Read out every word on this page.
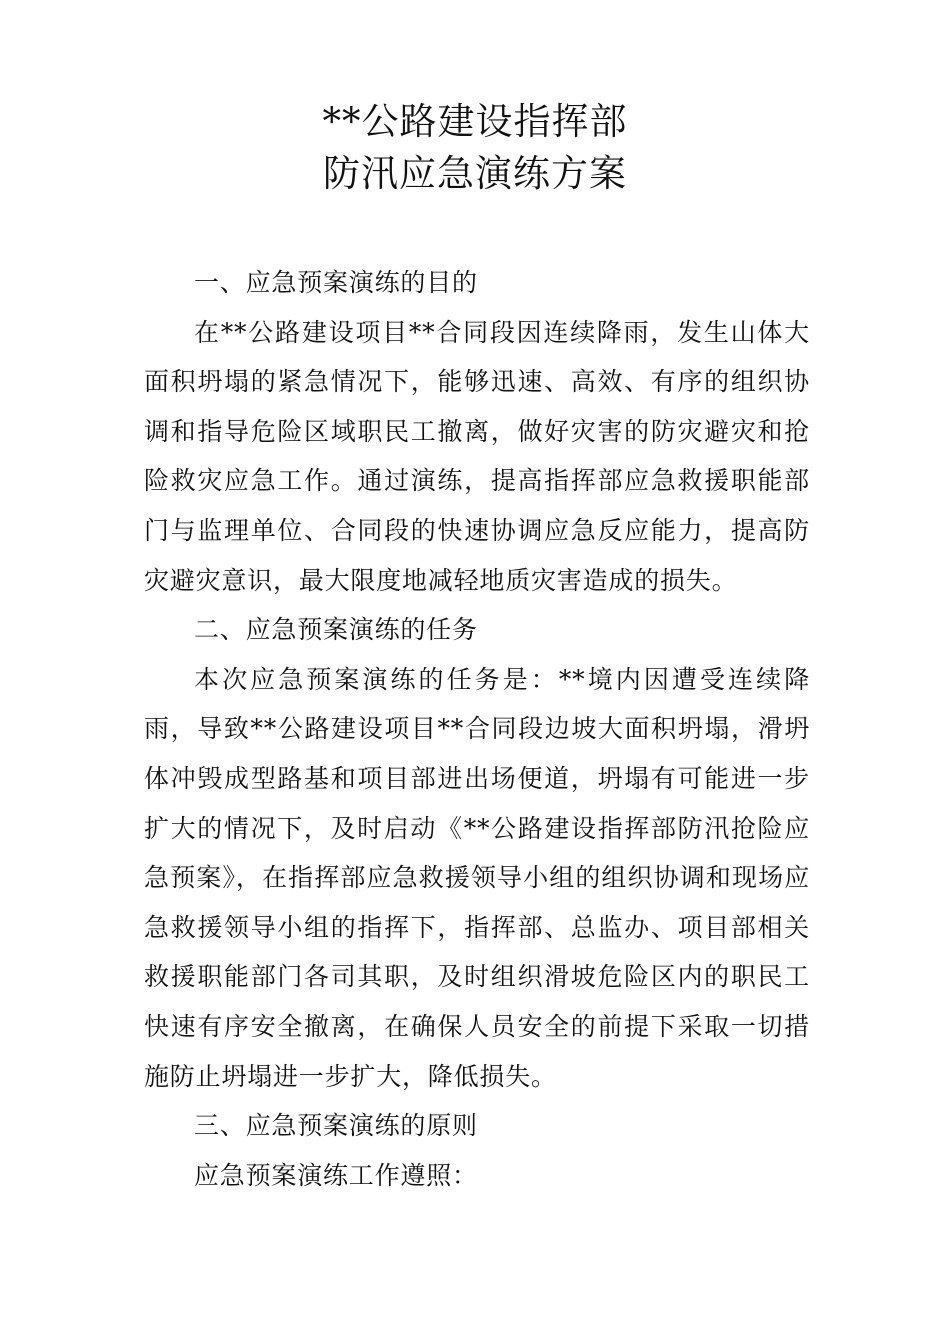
**公路建设指挥部
防汛应急演练方案

一、应急预案演练的目的

在**公路建设项目**合同段因连续降雨，发生山体大面积坍塌的紧急情况下，能够迅速、高效、有序的组织协调和指导危险区域职民工撤离，做好灾害的防灾避灾和抢险救灾应急工作。通过演练，提高指挥部应急救援职能部门与监理单位、合同段的快速协调应急反应能力，提高防灾避灾意识，最大限度地减轻地质灾害造成的损失。

二、应急预案演练的任务

本次应急预案演练的任务是：**境内因遭受连续降雨，导致**公路建设项目**合同段边坡大面积坍塌，滑坍体冲毁成型路基和项目部进出场便道，坍塌有可能进一步扩大的情况下，及时启动《**公路建设指挥部防汛抢险应急预案》，在指挥部应急救援领导小组的组织协调和现场应急救援领导小组的指挥下，指挥部、总监办、项目部相关救援职能部门各司其职，及时组织滑坡危险区内的职民工快速有序安全撤离，在确保人员安全的前提下采取一切措施防止坍塌进一步扩大，降低损失。

三、应急预案演练的原则

应急预案演练工作遵照：
